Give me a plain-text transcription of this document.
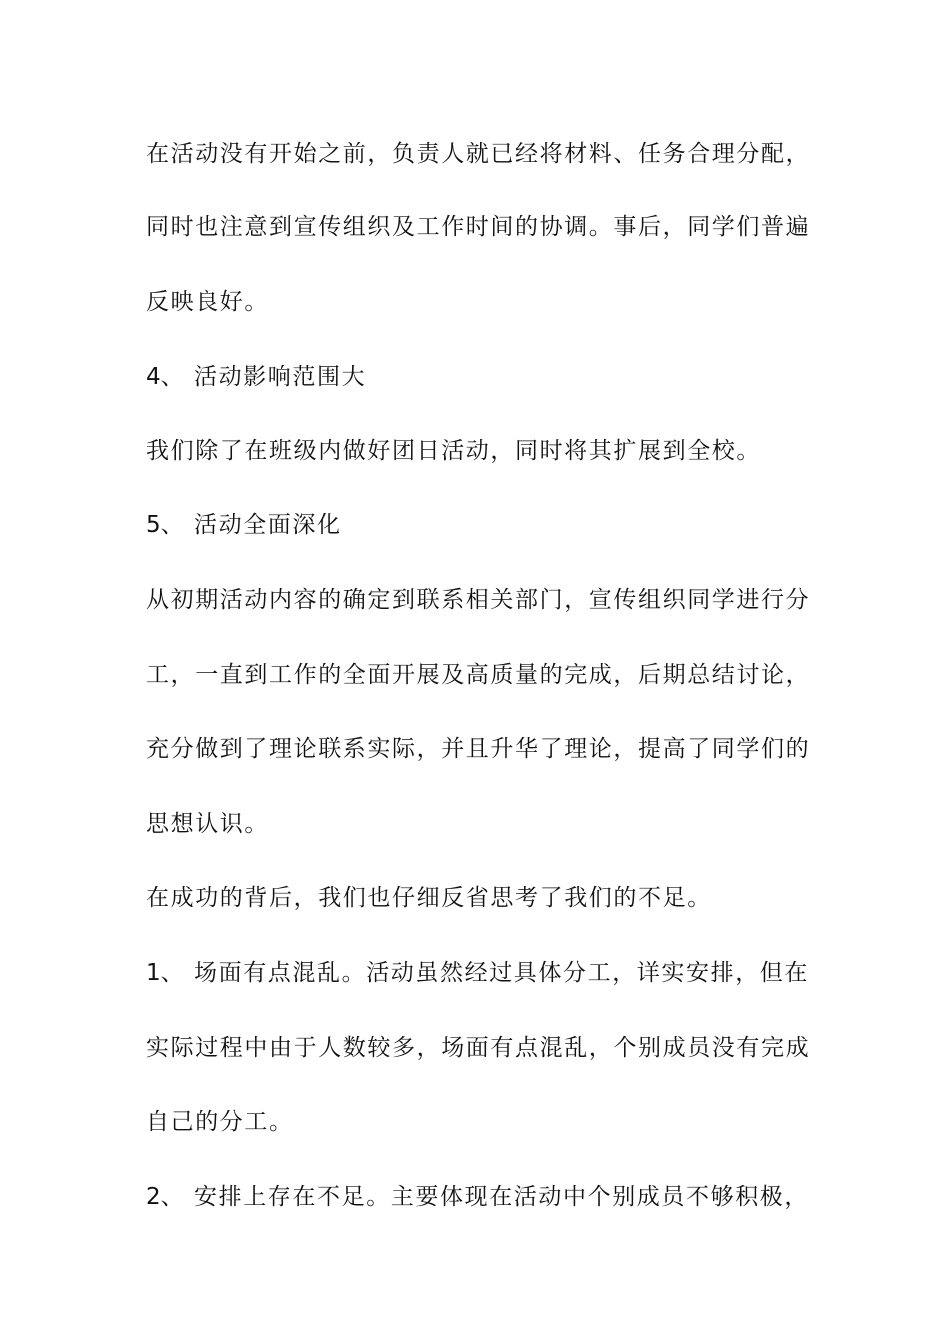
在活动没有开始之前，负责人就已经将材料、任务合理分配，
同时也注意到宣传组织及工作时间的协调。事后，同学们普遍
反映良好。
4、 活动影响范围大
我们除了在班级内做好团日活动，同时将其扩展到全校。
5、 活动全面深化
从初期活动内容的确定到联系相关部门，宣传组织同学进行分
工，一直到工作的全面开展及高质量的完成，后期总结讨论，
充分做到了理论联系实际，并且升华了理论，提高了同学们的
思想认识。
在成功的背后，我们也仔细反省思考了我们的不足。
1、 场面有点混乱。活动虽然经过具体分工，详实安排，但在
实际过程中由于人数较多，场面有点混乱，个别成员没有完成
自己的分工。
2、 安排上存在不足。主要体现在活动中个别成员不够积极，
